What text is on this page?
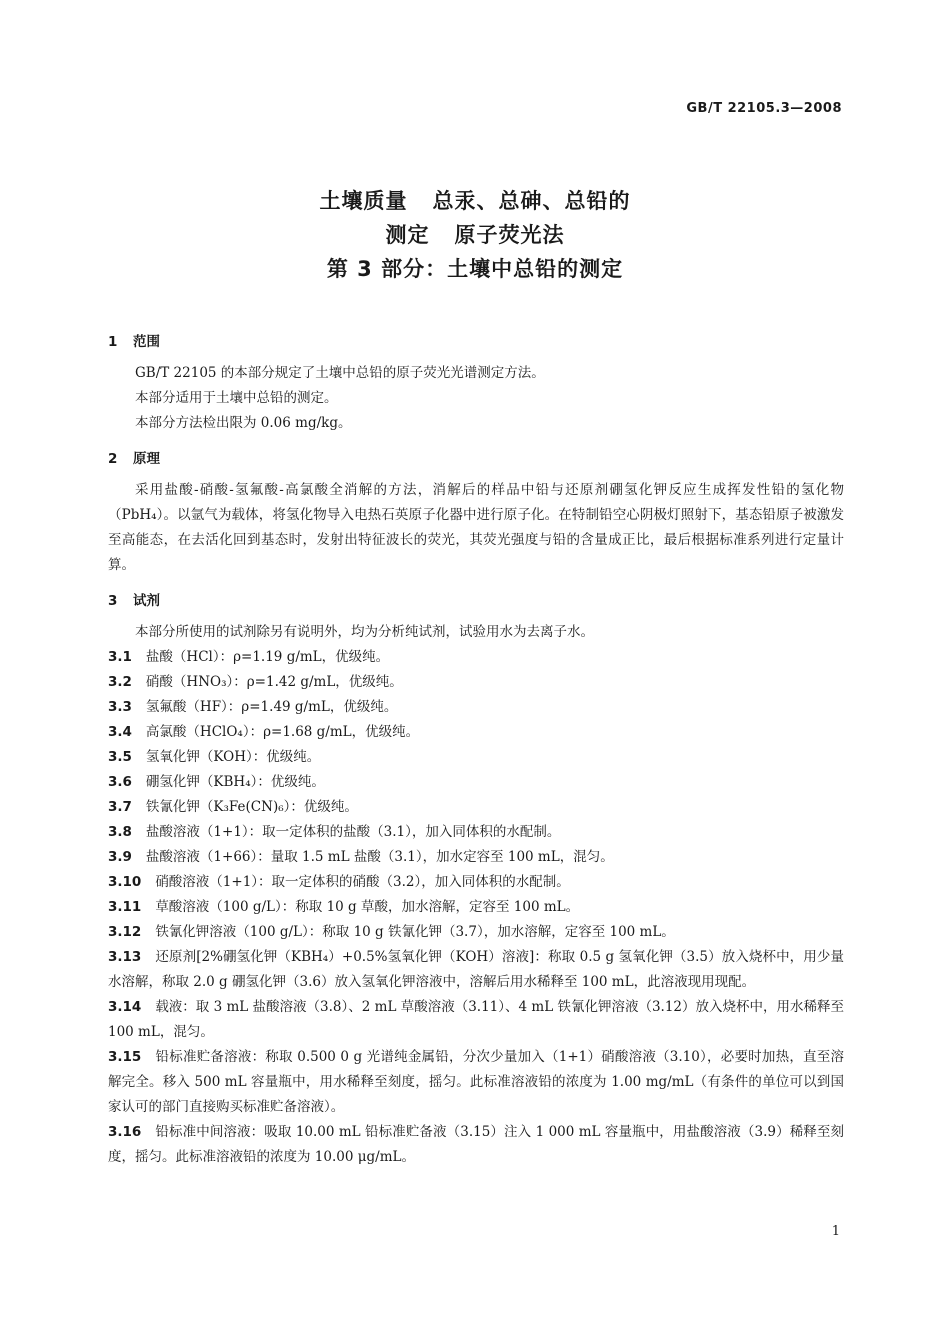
GB/T 22105.3—2008
土壤质量   总汞、总砷、总铅的
测定   原子荧光法
第 3 部分：土壤中总铅的测定
1 范围
GB/T 22105 的本部分规定了土壤中总铅的原子荧光光谱测定方法。
本部分适用于土壤中总铅的测定。
本部分方法检出限为 0.06 mg/kg。
2 原理
采用盐酸-硝酸-氢氟酸-高氯酸全消解的方法，消解后的样品中铅与还原剂硼氢化钾反应生成挥发性铅的氢化物（PbH₄）。以氩气为载体，将氢化物导入电热石英原子化器中进行原子化。在特制铅空心阴极灯照射下，基态铅原子被激发至高能态，在去活化回到基态时，发射出特征波长的荧光，其荧光强度与铅的含量成正比，最后根据标准系列进行定量计算。
3 试剂
本部分所使用的试剂除另有说明外，均为分析纯试剂，试验用水为去离子水。
3.1 盐酸（HCl）：ρ=1.19 g/mL，优级纯。
3.2 硝酸（HNO₃）：ρ=1.42 g/mL，优级纯。
3.3 氢氟酸（HF）：ρ=1.49 g/mL，优级纯。
3.4 高氯酸（HClO₄）：ρ=1.68 g/mL，优级纯。
3.5 氢氧化钾（KOH）：优级纯。
3.6 硼氢化钾（KBH₄）：优级纯。
3.7 铁氰化钾（K₃Fe(CN)₆）：优级纯。
3.8 盐酸溶液（1+1）：取一定体积的盐酸（3.1），加入同体积的水配制。
3.9 盐酸溶液（1+66）：量取 1.5 mL 盐酸（3.1），加水定容至 100 mL，混匀。
3.10 硝酸溶液（1+1）：取一定体积的硝酸（3.2），加入同体积的水配制。
3.11 草酸溶液（100 g/L）：称取 10 g 草酸，加水溶解，定容至 100 mL。
3.12 铁氰化钾溶液（100 g/L）：称取 10 g 铁氰化钾（3.7），加水溶解，定容至 100 mL。
3.13 还原剂[2%硼氢化钾（KBH₄）+0.5%氢氧化钾（KOH）溶液]：称取 0.5 g 氢氧化钾（3.5）放入烧杯中，用少量水溶解，称取 2.0 g 硼氢化钾（3.6）放入氢氧化钾溶液中，溶解后用水稀释至 100 mL，此溶液现用现配。
3.14 载液：取 3 mL 盐酸溶液（3.8）、2 mL 草酸溶液（3.11）、4 mL 铁氰化钾溶液（3.12）放入烧杯中，用水稀释至 100 mL，混匀。
3.15 铅标准贮备溶液：称取 0.500 0 g 光谱纯金属铅，分次少量加入（1+1）硝酸溶液（3.10），必要时加热，直至溶解完全。移入 500 mL 容量瓶中，用水稀释至刻度，摇匀。此标准溶液铅的浓度为 1.00 mg/mL（有条件的单位可以到国家认可的部门直接购买标准贮备溶液）。
3.16 铅标准中间溶液：吸取 10.00 mL 铅标准贮备液（3.15）注入 1 000 mL 容量瓶中，用盐酸溶液（3.9）稀释至刻度，摇匀。此标准溶液铅的浓度为 10.00 μg/mL。
1
